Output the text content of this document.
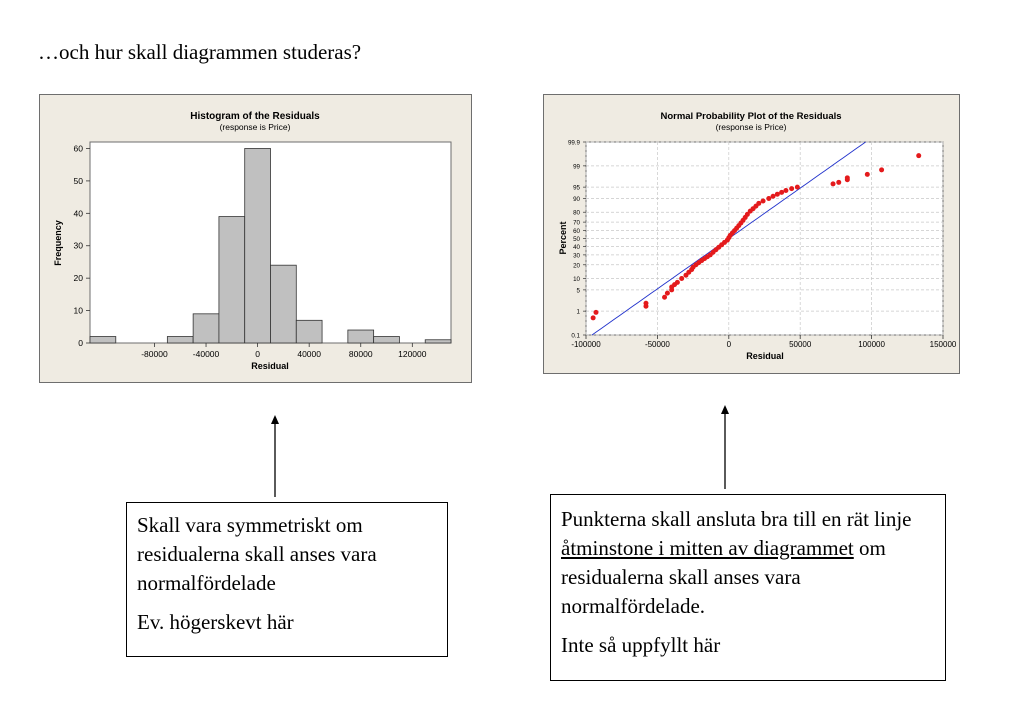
…och hur skall diagrammen studeras?
Histogram of the Residuals
(response is Price)
-80000	-40000	0	40000	80000	120000
0
10
20
30
40
50
60
Residual
Frequency
Normal Probability Plot of the Residuals
(response is Price)
-100000	-50000	0	50000	100000	150000
0.1
1
5
10
20
30
40
50
60
70
80
90
95
99
99.9
Residual
Percent

Skall vara symmetriskt om residualerna skall anses vara normalfördelade

Ev. högerskevt här

Punkterna skall ansluta bra till en rät linje åtminstone i mitten av diagrammet om residualerna skall anses vara normalfördelade.

Inte så uppfyllt här
